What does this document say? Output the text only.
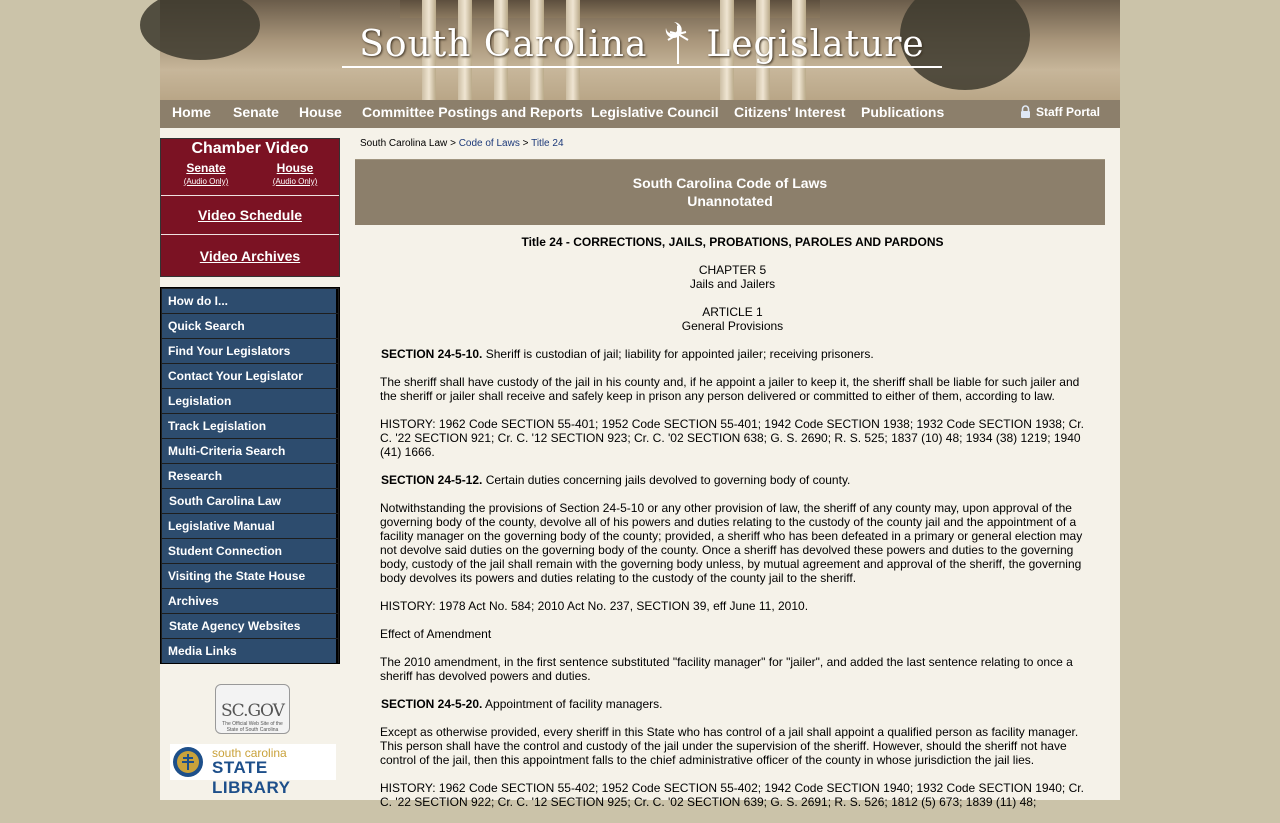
South Carolina Legislature
Home Senate House Committee Postings and Reports Legislative Council Citizens' Interest Publications	Staff Portal
Chamber Video
Senate
(Audio Only)
House
(Audio Only)
Video Schedule
Video Archives
How do I...
Quick Search
Find Your Legislators
Contact Your Legislator
Legislation
Track Legislation
Multi-Criteria Search
Research
South Carolina Law
Legislative Manual
Student Connection
Visiting the State House
Archives
State Agency Websites
Media Links
SC.GOV
The Official Web Site of the State of South Carolina
south carolina
STATE LIBRARY
South Carolina Law > Code of Laws > Title 24
South Carolina Code of Laws
Unannotated
Title 24 - CORRECTIONS, JAILS, PROBATIONS, PAROLES AND PARDONS
CHAPTER 5
Jails and Jailers
ARTICLE 1
General Provisions
SECTION 24-5-10. Sheriff is custodian of jail; liability for appointed jailer; receiving prisoners.
The sheriff shall have custody of the jail in his county and, if he appoint a jailer to keep it, the sheriff shall be liable for such jailer and the sheriff or jailer shall receive and safely keep in prison any person delivered or committed to either of them, according to law.
HISTORY: 1962 Code SECTION 55-401; 1952 Code SECTION 55-401; 1942 Code SECTION 1938; 1932 Code SECTION 1938; Cr. C. '22 SECTION 921; Cr. C. '12 SECTION 923; Cr. C. '02 SECTION 638; G. S. 2690; R. S. 525; 1837 (10) 48; 1934 (38) 1219; 1940 (41) 1666.
SECTION 24-5-12. Certain duties concerning jails devolved to governing body of county.
Notwithstanding the provisions of Section 24-5-10 or any other provision of law, the sheriff of any county may, upon approval of the governing body of the county, devolve all of his powers and duties relating to the custody of the county jail and the appointment of a facility manager on the governing body of the county; provided, a sheriff who has been defeated in a primary or general election may not devolve said duties on the governing body of the county. Once a sheriff has devolved these powers and duties to the governing body, custody of the jail shall remain with the governing body unless, by mutual agreement and approval of the sheriff, the governing body devolves its powers and duties relating to the custody of the county jail to the sheriff.
HISTORY: 1978 Act No. 584; 2010 Act No. 237, SECTION 39, eff June 11, 2010.
Effect of Amendment
The 2010 amendment, in the first sentence substituted "facility manager" for "jailer", and added the last sentence relating to once a sheriff has devolved powers and duties.
SECTION 24-5-20. Appointment of facility managers.
Except as otherwise provided, every sheriff in this State who has control of a jail shall appoint a qualified person as facility manager. This person shall have the control and custody of the jail under the supervision of the sheriff. However, should the sheriff not have control of the jail, then this appointment falls to the chief administrative officer of the county in whose jurisdiction the jail lies.
HISTORY: 1962 Code SECTION 55-402; 1952 Code SECTION 55-402; 1942 Code SECTION 1940; 1932 Code SECTION 1940; Cr. C. '22 SECTION 922; Cr. C. '12 SECTION 925; Cr. C. '02 SECTION 639; G. S. 2691; R. S. 526; 1812 (5) 673; 1839 (11) 48;
